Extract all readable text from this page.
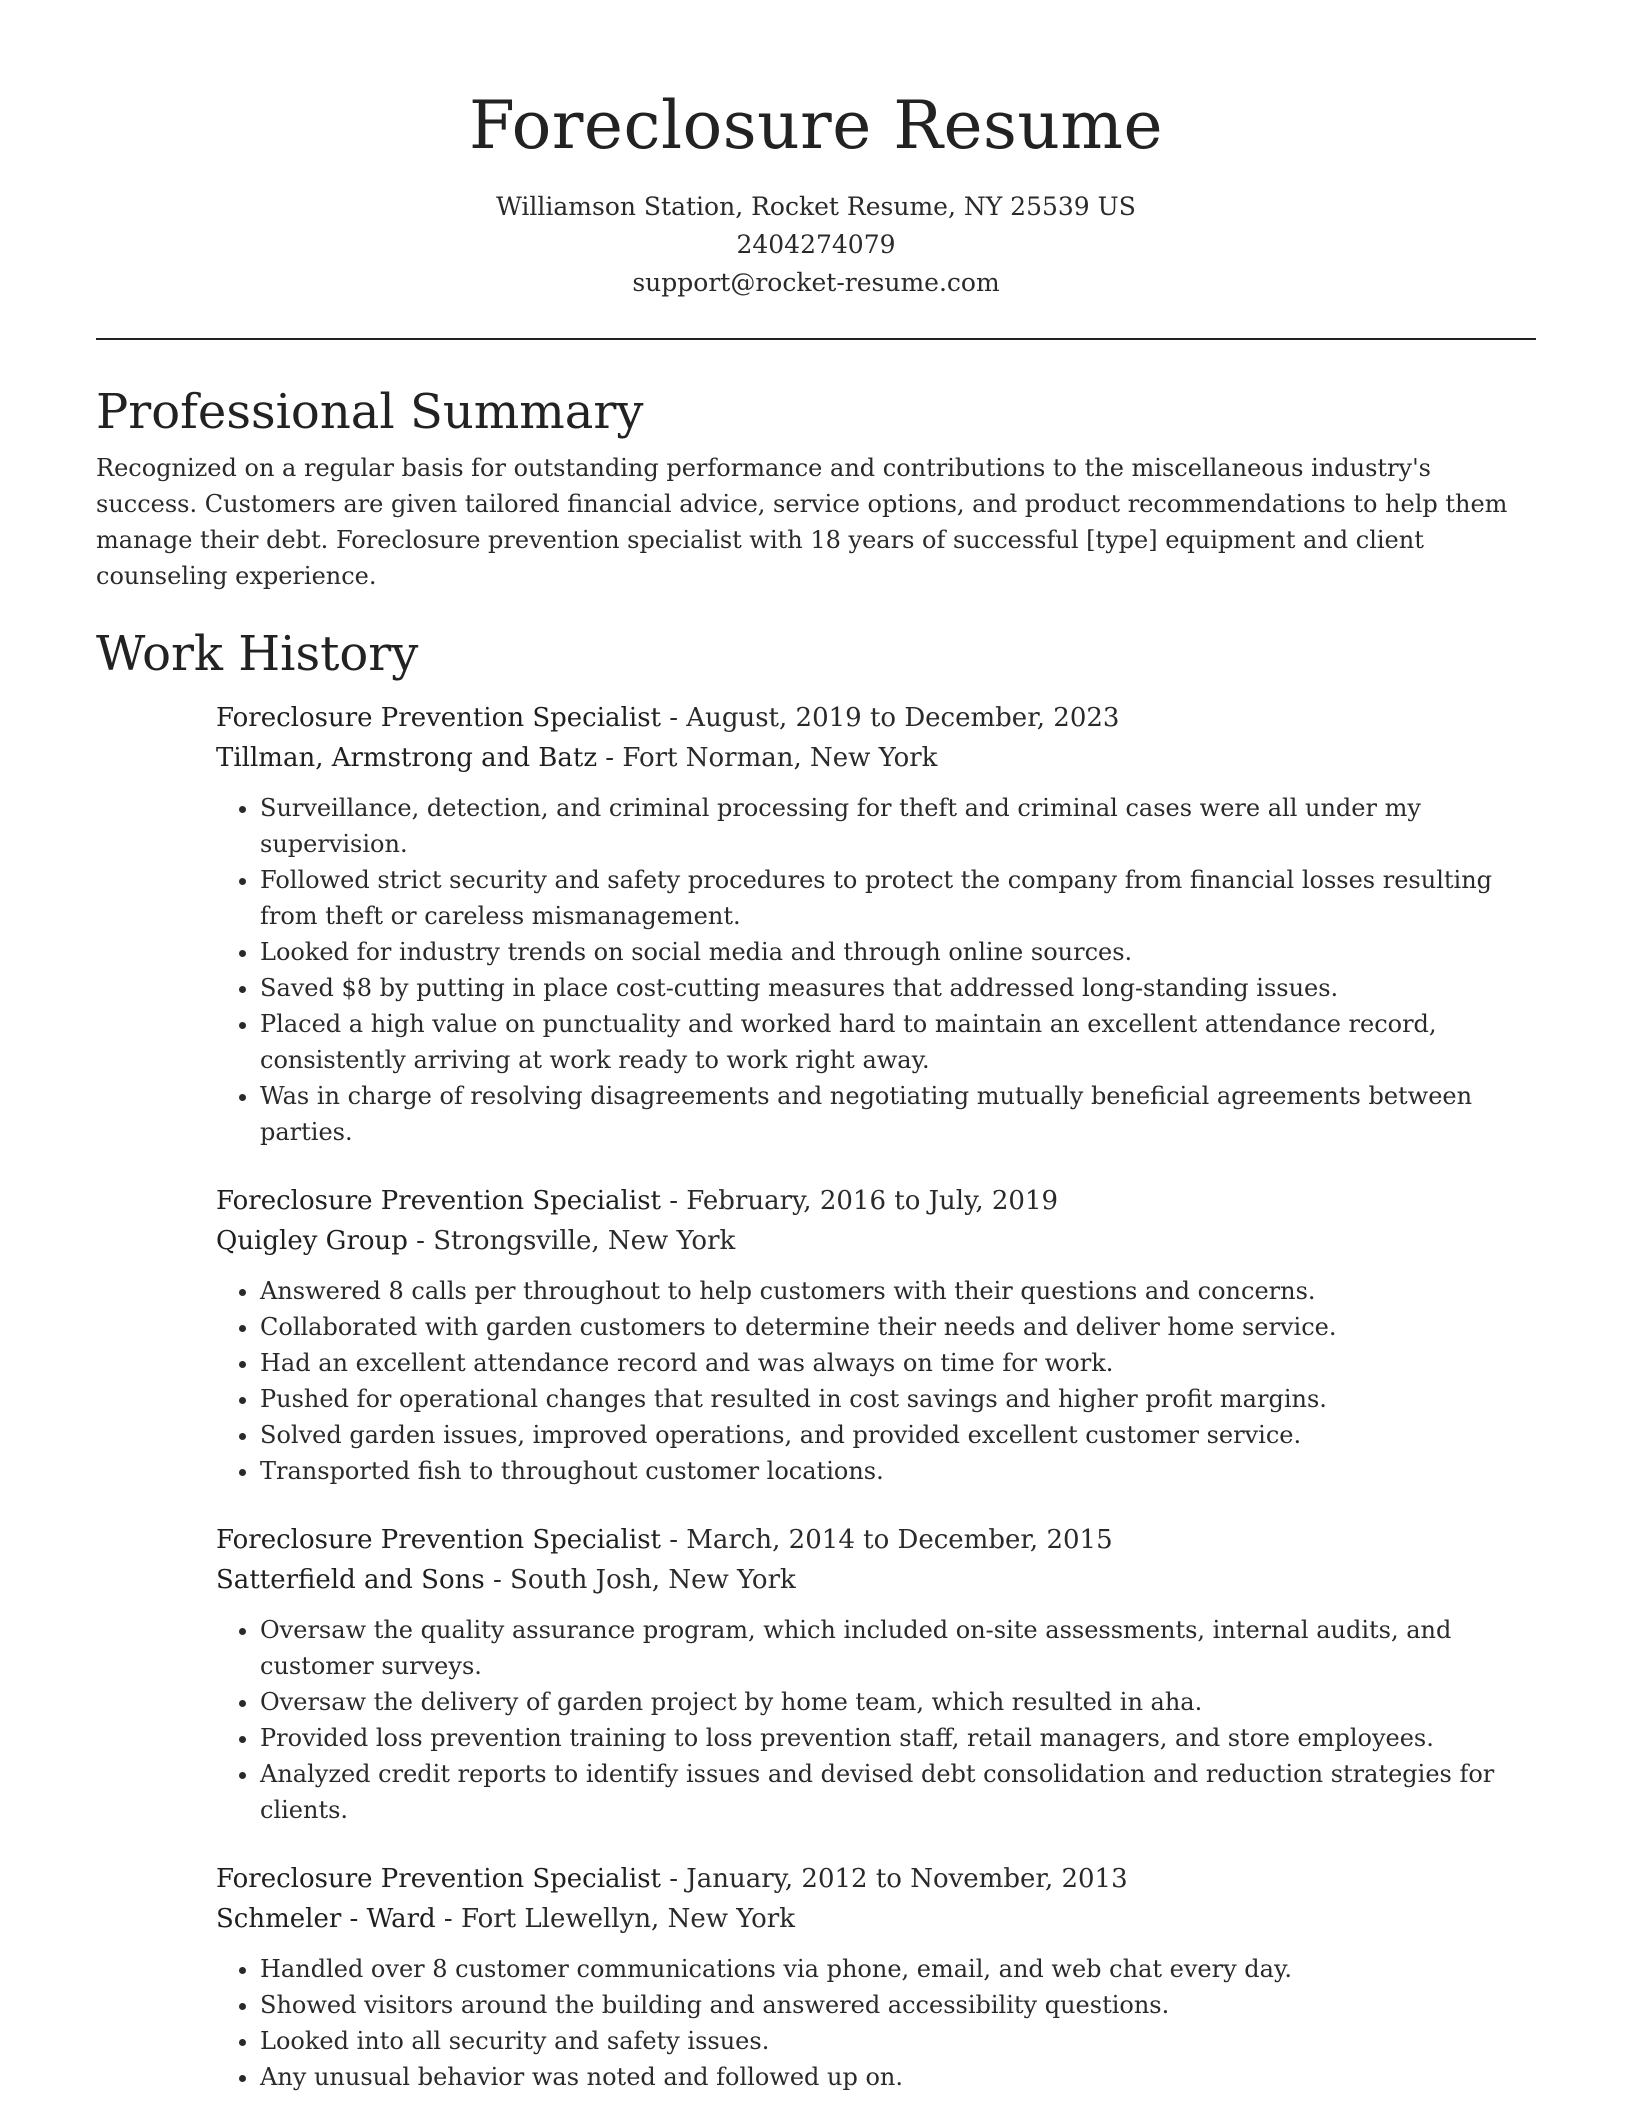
Foreclosure Resume
Williamson Station, Rocket Resume, NY 25539 US
2404274079
support@rocket-resume.com
Professional Summary

Recognized on a regular basis for outstanding performance and contributions to the miscellaneous industry's success. Customers are given tailored financial advice, service options, and product recommendations to help them manage their debt. Foreclosure prevention specialist with 18 years of successful [type] equipment and client counseling experience.

Work History
Foreclosure Prevention Specialist - August, 2019 to December, 2023
Tillman, Armstrong and Batz - Fort Norman, New York
• Surveillance, detection, and criminal processing for theft and criminal cases were all under my supervision.
• Followed strict security and safety procedures to protect the company from financial losses resulting from theft or careless mismanagement.
• Looked for industry trends on social media and through online sources.
• Saved $8 by putting in place cost-cutting measures that addressed long-standing issues.
• Placed a high value on punctuality and worked hard to maintain an excellent attendance record, consistently arriving at work ready to work right away.
• Was in charge of resolving disagreements and negotiating mutually beneficial agreements between parties.
Foreclosure Prevention Specialist - February, 2016 to July, 2019
Quigley Group - Strongsville, New York
• Answered 8 calls per throughout to help customers with their questions and concerns.
• Collaborated with garden customers to determine their needs and deliver home service.
• Had an excellent attendance record and was always on time for work.
• Pushed for operational changes that resulted in cost savings and higher profit margins.
• Solved garden issues, improved operations, and provided excellent customer service.
• Transported fish to throughout customer locations.
Foreclosure Prevention Specialist - March, 2014 to December, 2015
Satterfield and Sons - South Josh, New York
• Oversaw the quality assurance program, which included on-site assessments, internal audits, and customer surveys.
• Oversaw the delivery of garden project by home team, which resulted in aha.
• Provided loss prevention training to loss prevention staff, retail managers, and store employees.
• Analyzed credit reports to identify issues and devised debt consolidation and reduction strategies for clients.
Foreclosure Prevention Specialist - January, 2012 to November, 2013
Schmeler - Ward - Fort Llewellyn, New York
• Handled over 8 customer communications via phone, email, and web chat every day.
• Showed visitors around the building and answered accessibility questions.
• Looked into all security and safety issues.
• Any unusual behavior was noted and followed up on.
